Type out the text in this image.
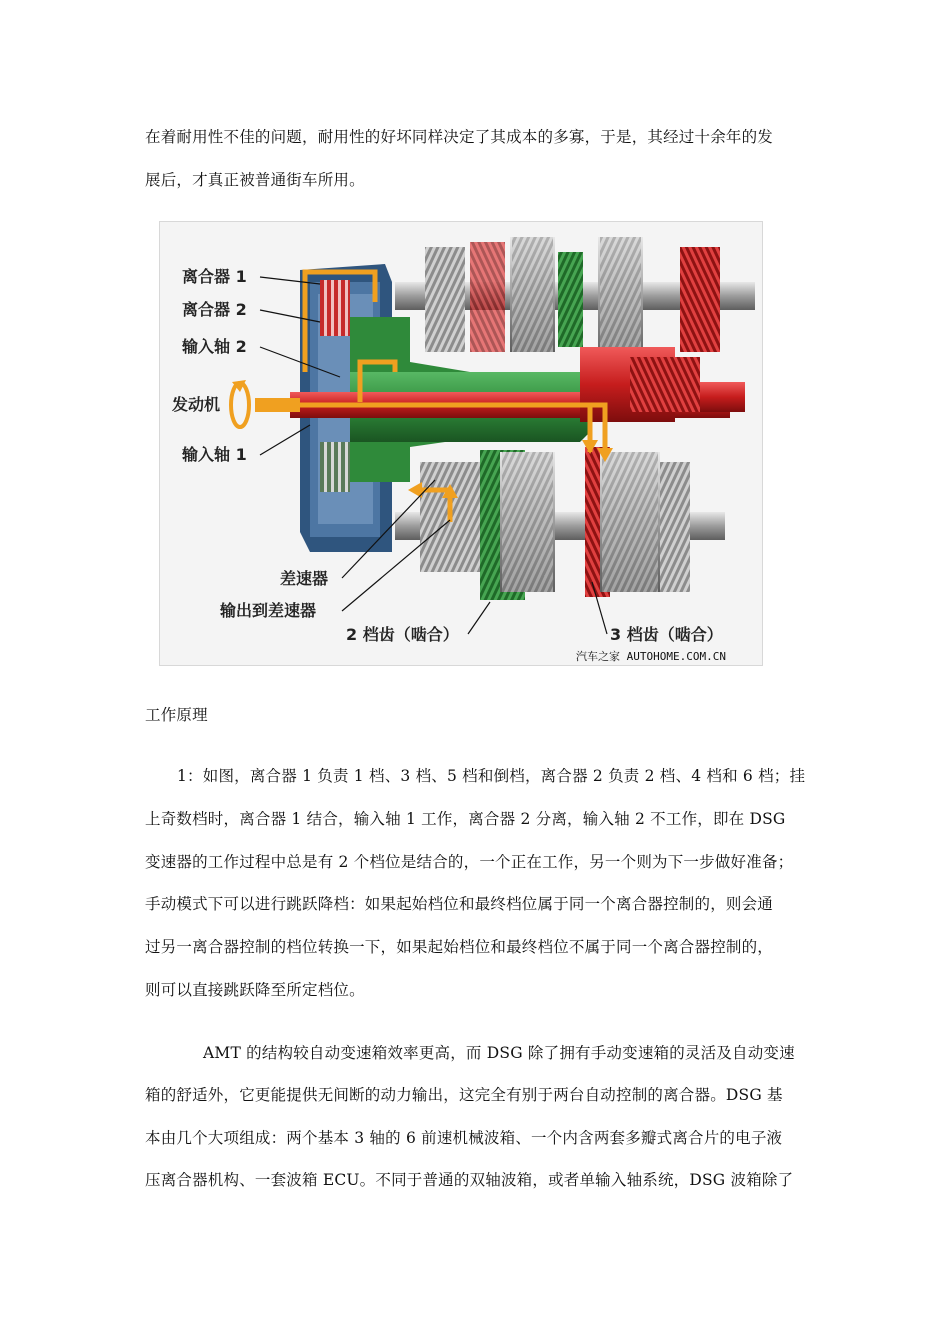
在着耐用性不佳的问题，耐用性的好坏同样决定了其成本的多寡，于是，其经过十余年的发
展后，才真正被普通街车所用。
离合器 1
离合器 2
输入轴 2
发动机
输入轴 1
差速器
输出到差速器
2 档齿（啮合）	3 档齿（啮合）
汽车之家 AUTOHOME.COM.CN
工作原理
1：如图，离合器 1 负责 1 档、3 档、5 档和倒档，离合器 2 负责 2 档、4 档和 6 档；挂
上奇数档时，离合器 1 结合，输入轴 1 工作，离合器 2 分离，输入轴 2 不工作，即在 DSG
变速器的工作过程中总是有 2 个档位是结合的，一个正在工作，另一个则为下一步做好准备；
手动模式下可以进行跳跃降档：如果起始档位和最终档位属于同一个离合器控制的，则会通
过另一离合器控制的档位转换一下，如果起始档位和最终档位不属于同一个离合器控制的，
则可以直接跳跃降至所定档位。
AMT 的结构较自动变速箱效率更高，而 DSG 除了拥有手动变速箱的灵活及自动变速
箱的舒适外，它更能提供无间断的动力输出，这完全有别于两台自动控制的离合器。DSG 基
本由几个大项组成：两个基本 3 轴的 6 前速机械波箱、一个内含两套多瓣式离合片的电子液
压离合器机构、一套波箱 ECU。不同于普通的双轴波箱，或者单输入轴系统，DSG 波箱除了
